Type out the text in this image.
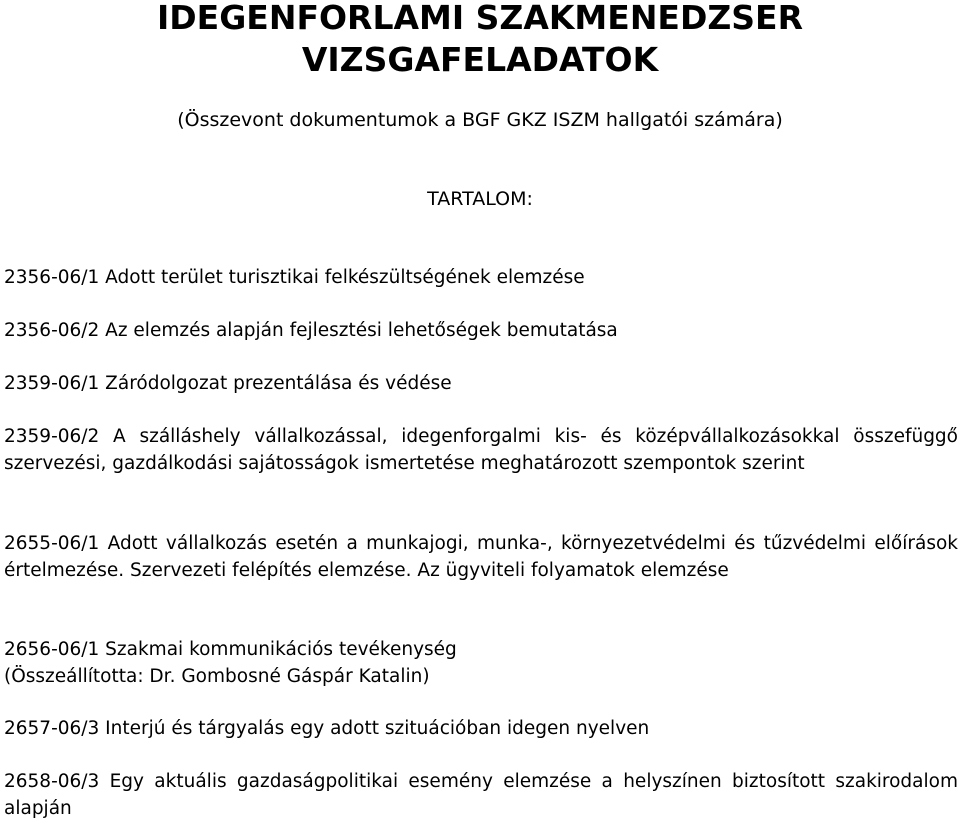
IDEGENFORLAMI SZAKMENEDZSER
VIZSGAFELADATOK

(Összevont dokumentumok a BGF GKZ ISZM hallgatói számára)

TARTALOM:

2356-06/1 Adott terület turisztikai felkészültségének elemzése

2356-06/2 Az elemzés alapján fejlesztési lehetőségek bemutatása

2359-06/1 Záródolgozat prezentálása és védése

2359-06/2 A szálláshely vállalkozással, idegenforgalmi kis- és középvállalkozásokkal összefüggő szervezési, gazdálkodási sajátosságok ismertetése meghatározott szempontok szerint

2655-06/1 Adott vállalkozás esetén a munkajogi, munka-, környezetvédelmi és tűzvédelmi előírások értelmezése. Szervezeti felépítés elemzése. Az ügyviteli folyamatok elemzése

2656-06/1 Szakmai kommunikációs tevékenység
(Összeállította: Dr. Gombosné Gáspár Katalin)

2657-06/3 Interjú és tárgyalás egy adott szituációban idegen nyelven

2658-06/3 Egy aktuális gazdaságpolitikai esemény elemzése a helyszínen biztosított szakirodalom alapján
